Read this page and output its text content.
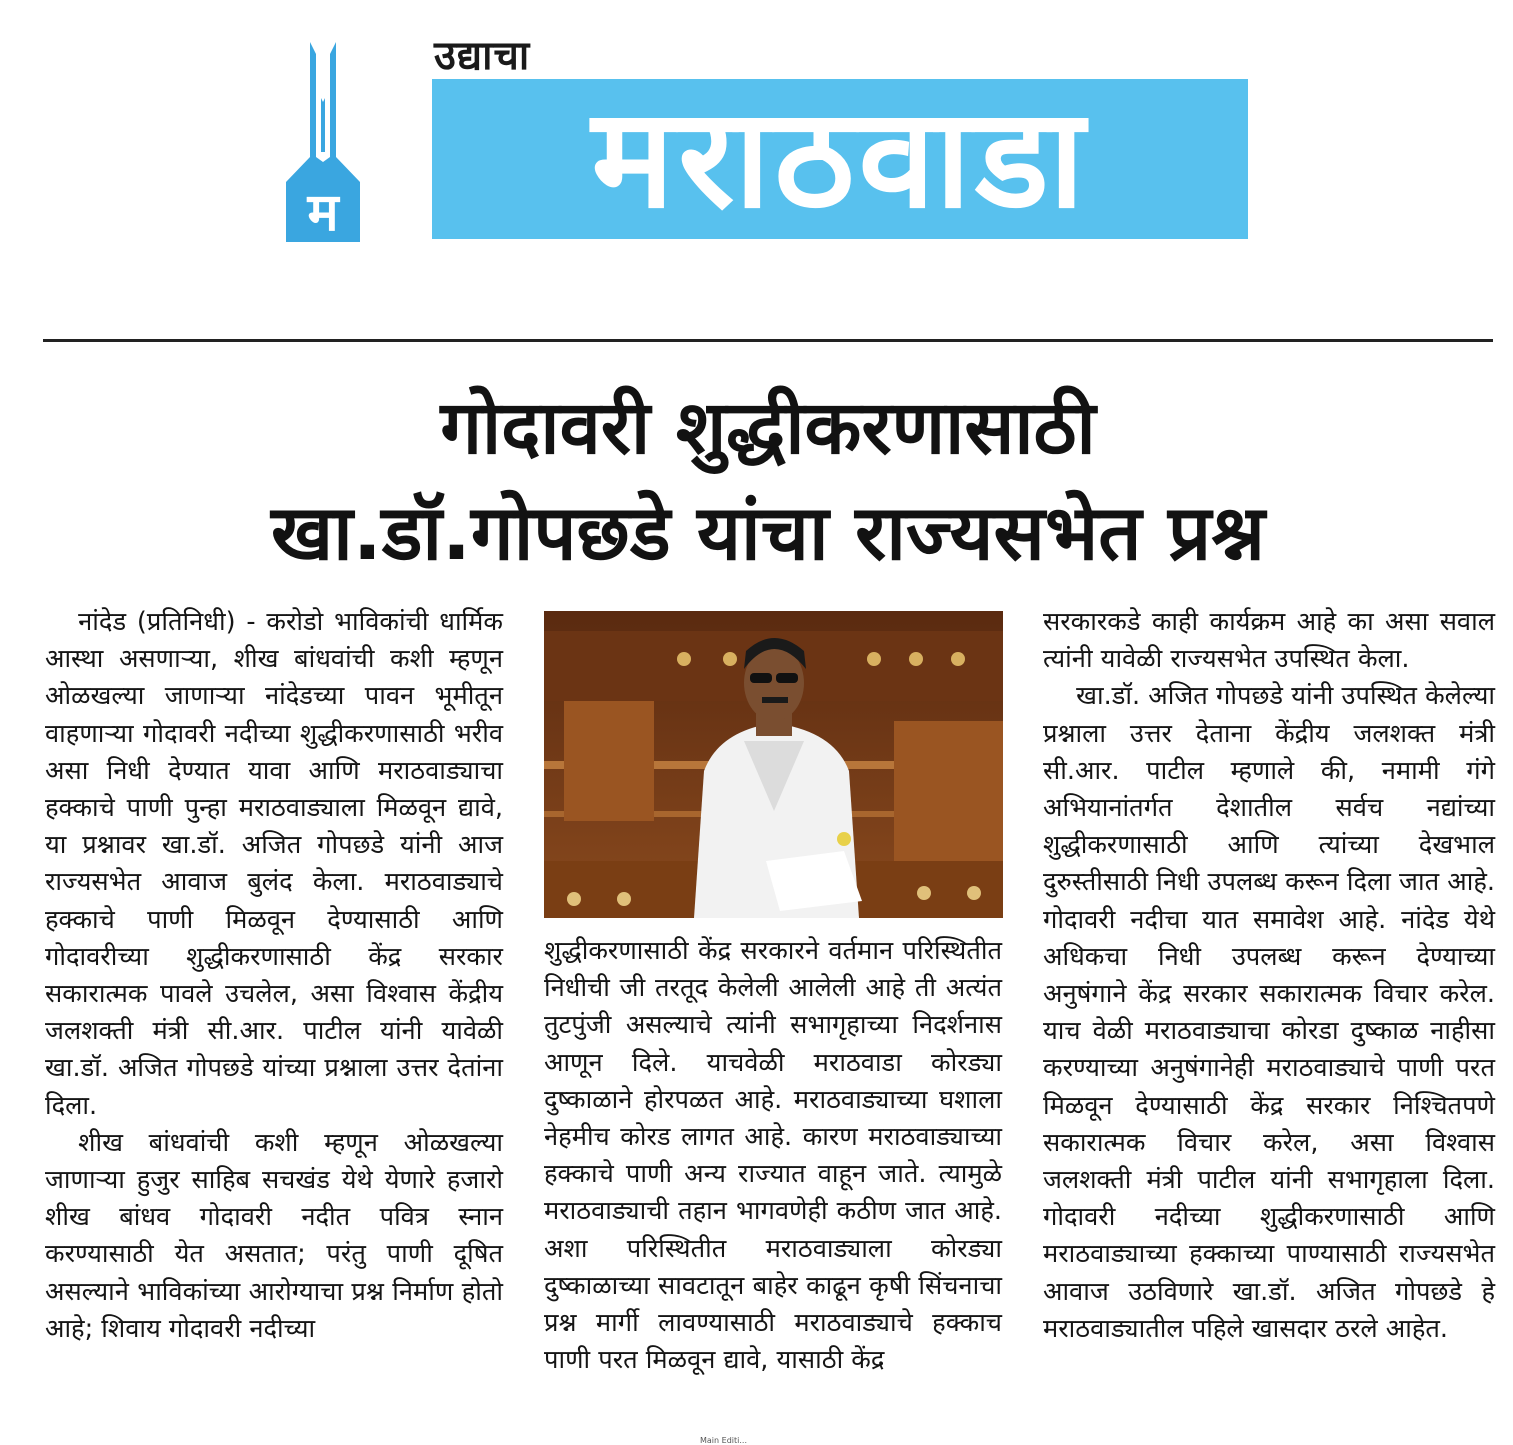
म
उद्याचा
मराठवाडा
गोदावरी शुद्धीकरणासाठी
खा.डॉ.गोपछडे यांचा राज्यसभेत प्रश्न

नांदेड (प्रतिनिधी) - करोडो भाविकांची धार्मिक आस्था असणाऱ्या, शीख बांधवांची कशी म्हणून ओळखल्या जाणाऱ्या नांदेडच्या पावन भूमीतून वाहणाऱ्या गोदावरी नदीच्या शुद्धीकरणासाठी भरीव असा निधी देण्यात यावा आणि मराठवाड्याचा हक्काचे पाणी पुन्हा मराठवाड्याला मिळवून द्यावे, या प्रश्नावर खा.डॉ. अजित गोपछडे यांनी आज राज्यसभेत आवाज बुलंद केला. मराठवाड्याचे हक्काचे पाणी मिळवून देण्यासाठी आणि गोदावरीच्या शुद्धीकरणासाठी केंद्र सरकार सकारात्मक पावले उचलेल, असा विश्वास केंद्रीय जलशक्ती मंत्री सी.आर. पाटील यांनी यावेळी खा.डॉ. अजित गोपछडे यांच्या प्रश्नाला उत्तर देतांना दिला.

शीख बांधवांची कशी म्हणून ओळखल्या जाणाऱ्या हुजुर साहिब सचखंड येथे येणारे हजारो शीख बांधव गोदावरी नदीत पवित्र स्नान करण्यासाठी येत असतात; परंतु पाणी दूषित असल्याने भाविकांच्या आरोग्याचा प्रश्न निर्माण होतो आहे; शिवाय गोदावरी नदीच्या

शुद्धीकरणासाठी केंद्र सरकारने वर्तमान परिस्थितीत निधीची जी तरतूद केलेली आलेली आहे ती अत्यंत तुटपुंजी असल्याचे त्यांनी सभागृहाच्या निदर्शनास आणून दिले. याचवेळी मराठवाडा कोरड्या दुष्काळाने होरपळत आहे. मराठवाड्याच्या घशाला नेहमीच कोरड लागत आहे. कारण मराठवाड्याच्या हक्काचे पाणी अन्य राज्यात वाहून जाते. त्यामुळे मराठवाड्याची तहान भागवणेही कठीण जात आहे. अशा परिस्थितीत मराठवाड्याला कोरड्या दुष्काळाच्या सावटातून बाहेर काढून कृषी सिंचनाचा प्रश्न मार्गी लावण्यासाठी मराठवाड्याचे हक्काच पाणी परत मिळवून द्यावे, यासाठी केंद्र

सरकारकडे काही कार्यक्रम आहे का असा सवाल त्यांनी यावेळी राज्यसभेत उपस्थित केला.

खा.डॉ. अजित गोपछडे यांनी उपस्थित केलेल्या प्रश्नाला उत्तर देताना केंद्रीय जलशक्त मंत्री सी.आर. पाटील म्हणाले की, नमामी गंगे अभियानांतर्गत देशातील सर्वच नद्यांच्या शुद्धीकरणासाठी आणि त्यांच्या देखभाल दुरुस्तीसाठी निधी उपलब्ध करून दिला जात आहे. गोदावरी नदीचा यात समावेश आहे. नांदेड येथे अधिकचा निधी उपलब्ध करून देण्याच्या अनुषंगाने केंद्र सरकार सकारात्मक विचार करेल. याच वेळी मराठवाड्याचा कोरडा दुष्काळ नाहीसा करण्याच्या अनुषंगानेही मराठवाड्याचे पाणी परत मिळवून देण्यासाठी केंद्र सरकार निश्चितपणे सकारात्मक विचार करेल, असा विश्वास जलशक्ती मंत्री पाटील यांनी सभागृहाला दिला. गोदावरी नदीच्या शुद्धीकरणासाठी आणि मराठवाड्याच्या हक्काच्या पाण्यासाठी राज्यसभेत आवाज उठविणारे खा.डॉ. अजित गोपछडे हे मराठवाड्यातील पहिले खासदार ठरले आहेत.

Main Editi...
